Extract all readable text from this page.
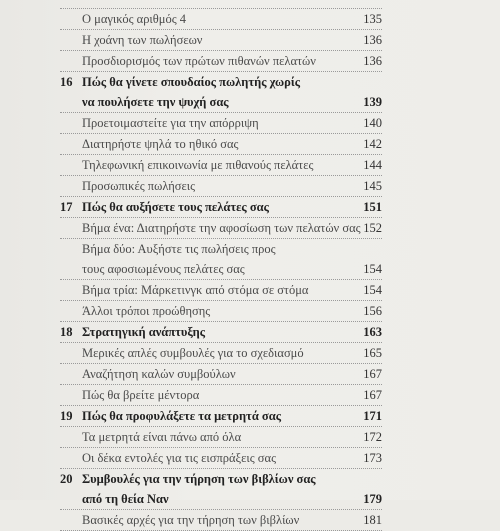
Ο μαγικός αριθμός 4	135
Η χοάνη των πωλήσεων	136
Προσδιορισμός των πρώτων πιθανών πελατών	136
16 Πώς θα γίνετε σπουδαίος πωλητής χωρίς
να πουλήσετε την ψυχή σας	139
Προετοιμαστείτε για την απόρριψη	140
Διατηρήστε ψηλά το ηθικό σας	142
Τηλεφωνική επικοινωνία με πιθανούς πελάτες	144
Προσωπικές πωλήσεις	145
17 Πώς θα αυξήσετε τους πελάτες σας	151
Βήμα ένα: Διατηρήστε την αφοσίωση των πελατών σας 152
Βήμα δύο: Αυξήστε τις πωλήσεις προς
τους αφοσιωμένους πελάτες σας	154
Βήμα τρία: Μάρκετινγκ από στόμα σε στόμα	154
Άλλοι τρόποι προώθησης	156
18 Στρατηγική ανάπτυξης	163
Μερικές απλές συμβουλές για το σχεδιασμό	165
Αναζήτηση καλών συμβούλων	167
Πώς θα βρείτε μέντορα	167
19 Πώς θα προφυλάξετε τα μετρητά σας	171
Τα μετρητά είναι πάνω από όλα	172
Οι δέκα εντολές για τις εισπράξεις σας	173
20 Συμβουλές για την τήρηση των βιβλίων σας
από τη θεία Ναν	179
Βασικές αρχές για την τήρηση των βιβλίων	181
